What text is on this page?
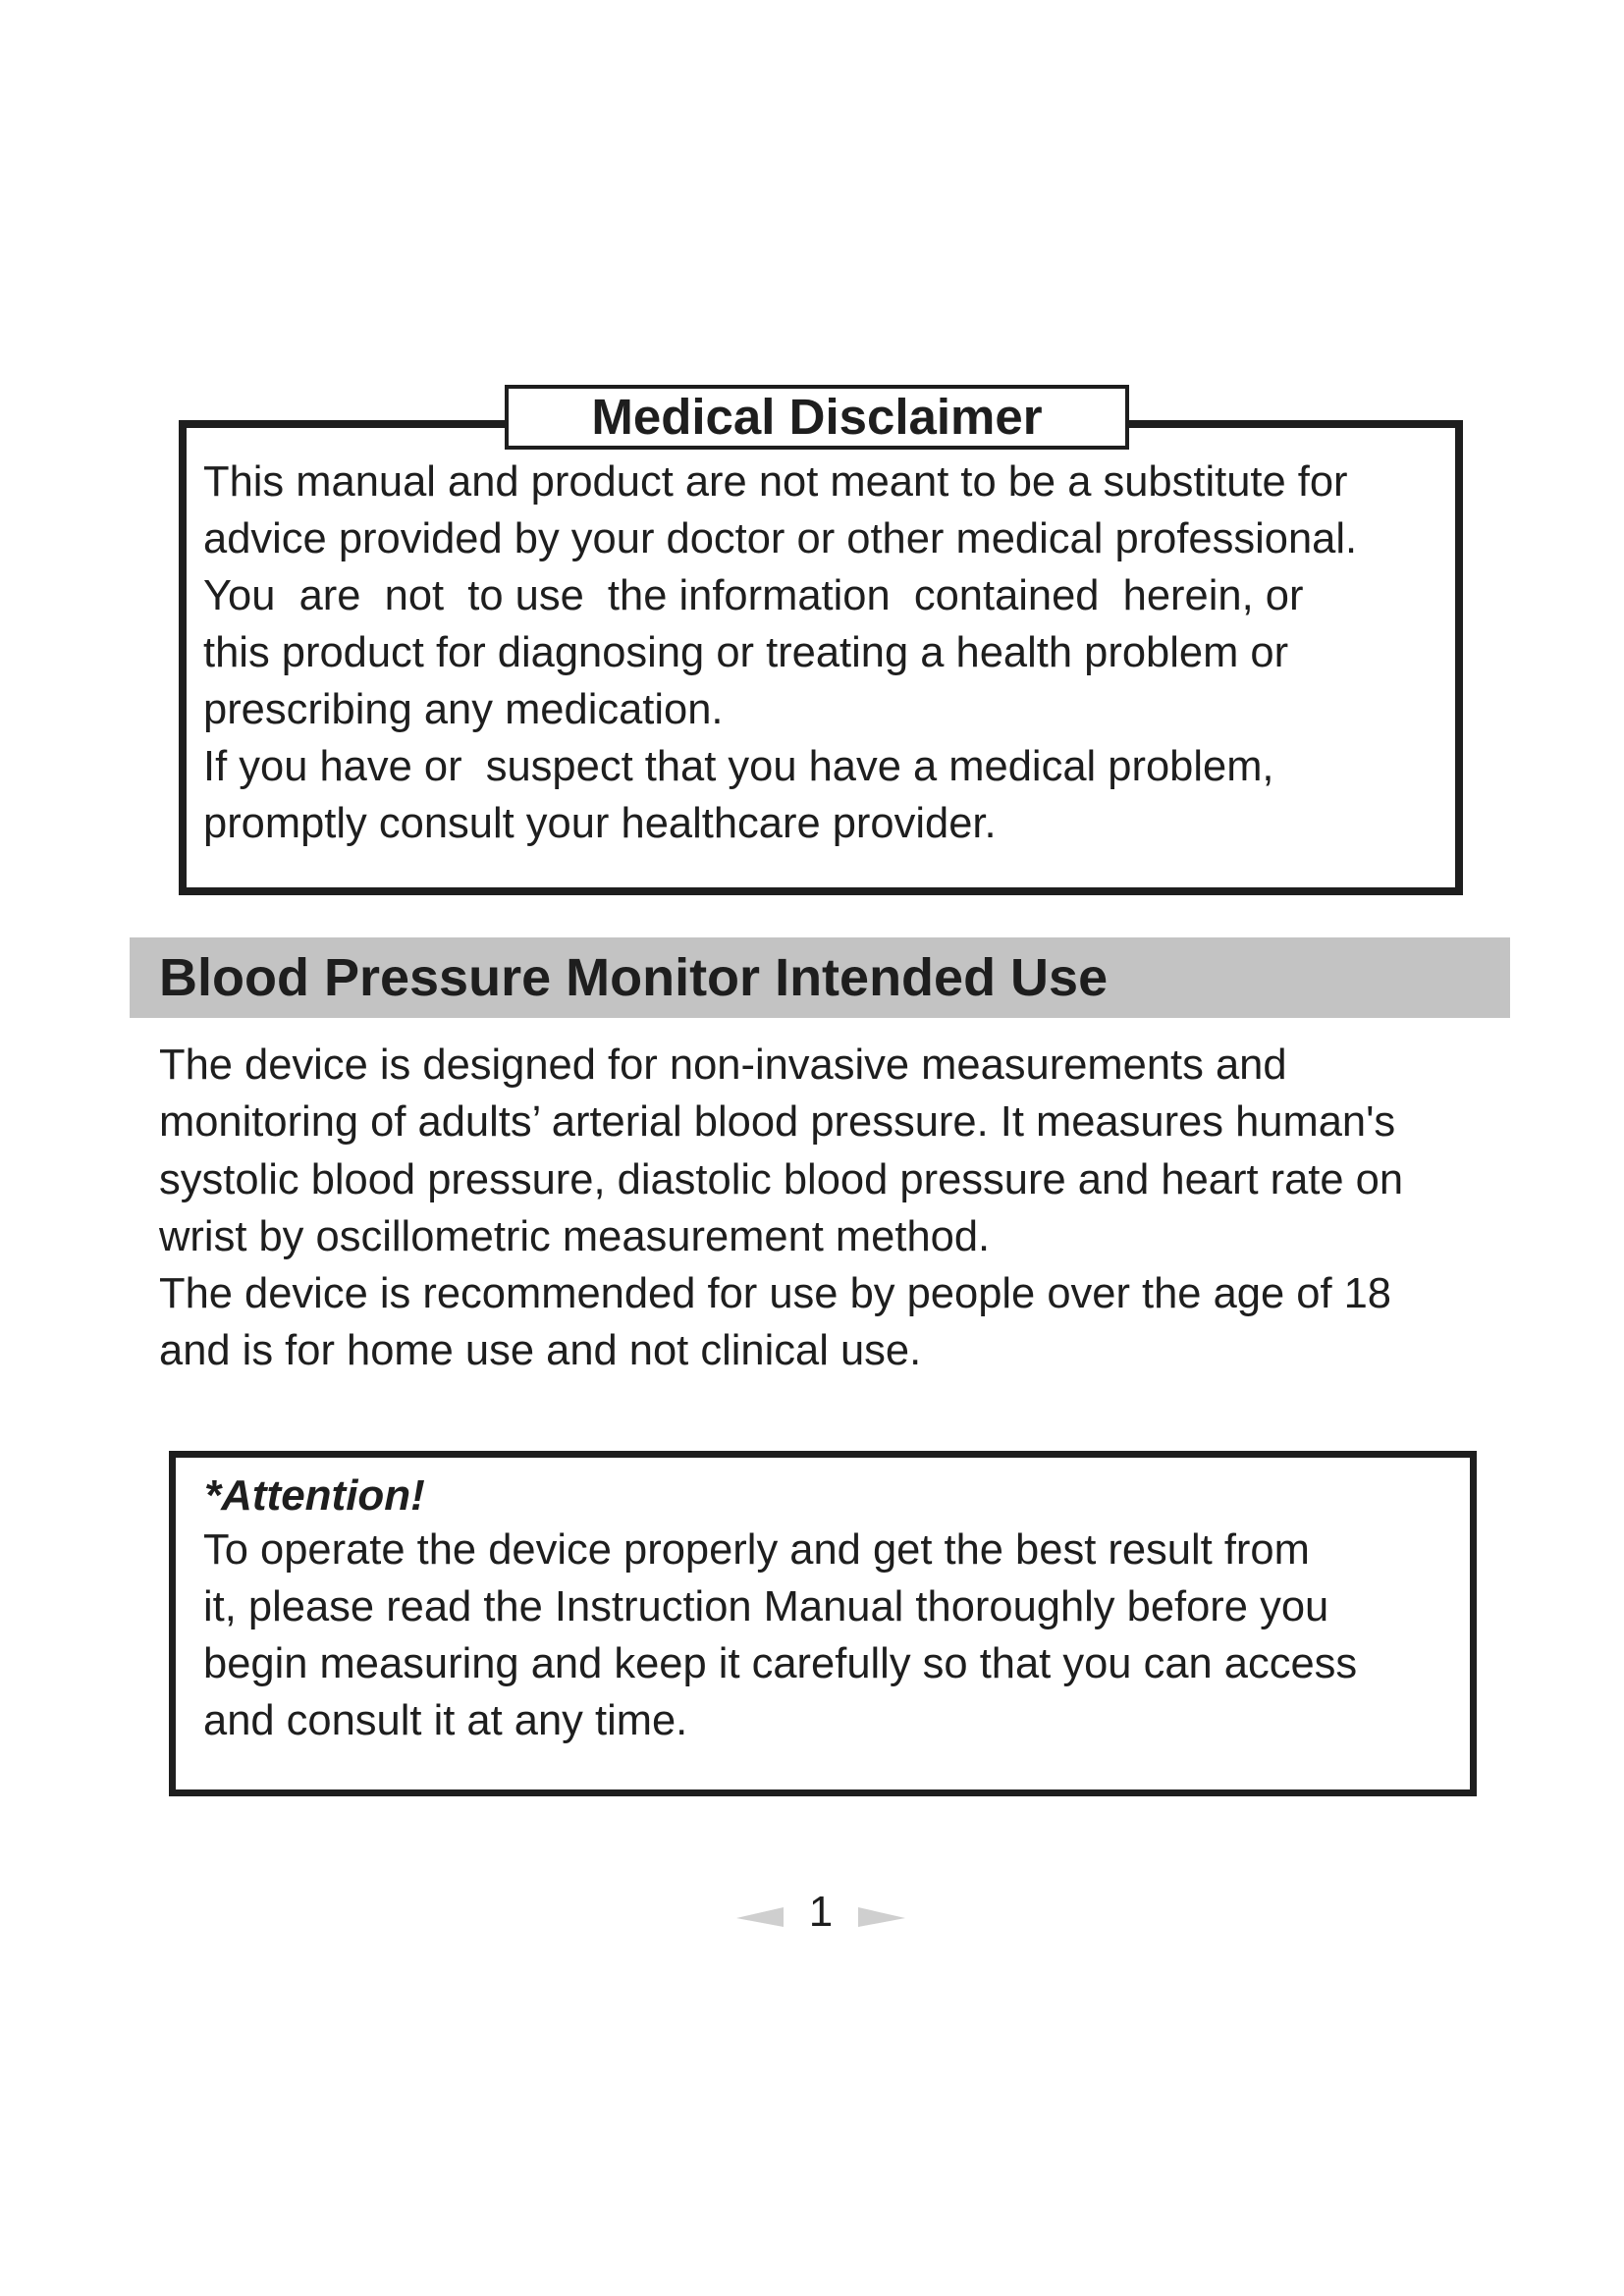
Medical Disclaimer

This manual and product are not meant to be a substitute for
advice provided by your doctor or other medical professional.
You  are  not  to use  the information  contained  herein, or
this product for diagnosing or treating a health problem or
prescribing any medication.
If you have or  suspect that you have a medical problem,
promptly consult your healthcare provider.

Blood Pressure Monitor Intended Use

The device is designed for non-invasive measurements and
monitoring of adults’ arterial blood pressure. It measures human's
systolic blood pressure, diastolic blood pressure and heart rate on
wrist by oscillometric measurement method.
The device is recommended for use by people over the age of 18
and is for home use and not clinical use.

*Attention!

To operate the device properly and get the best result from
it, please read the Instruction Manual thoroughly before you
begin measuring and keep it carefully so that you can access
and consult it at any time.

1
